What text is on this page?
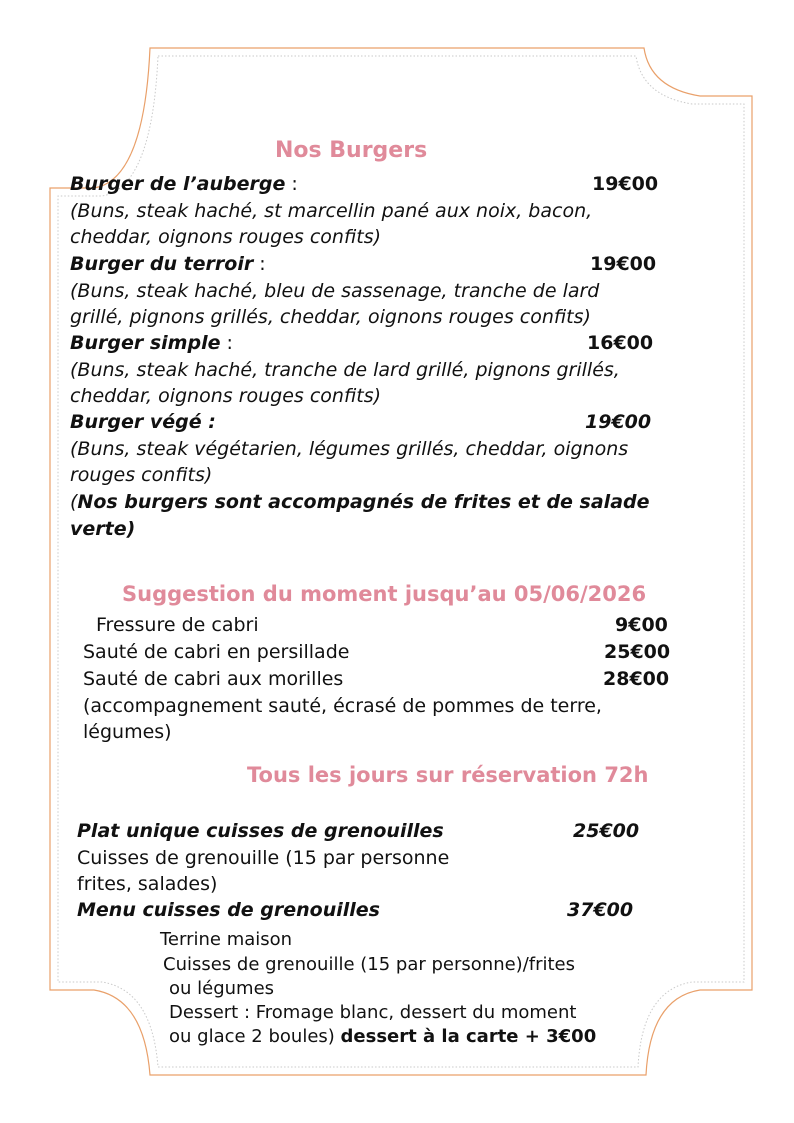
Nos Burgers
Burger de l’auberge :	19€00
(Buns, steak haché, st marcellin pané aux noix, bacon,
cheddar, oignons rouges confits)
Burger du terroir :	19€00
(Buns, steak haché, bleu de sassenage, tranche de lard
grillé, pignons grillés, cheddar, oignons rouges confits)
Burger simple :	16€00
(Buns, steak haché, tranche de lard grillé, pignons grillés,
cheddar, oignons rouges confits)
Burger végé :	19€00
(Buns, steak végétarien, légumes grillés, cheddar, oignons
rouges confits)
(Nos burgers sont accompagnés de frites et de salade
verte)
Suggestion du moment jusqu’au 05/06/2026
Fressure de cabri	9€00
Sauté de cabri en persillade	25€00
Sauté de cabri aux morilles	28€00
(accompagnement sauté, écrasé de pommes de terre,
légumes)
Tous les jours sur réservation 72h
Plat unique cuisses de grenouilles	25€00
Cuisses de grenouille (15 par personne
frites, salades)
Menu cuisses de grenouilles	37€00
Terrine maison
Cuisses de grenouille (15 par personne)/frites
ou légumes
Dessert : Fromage blanc, dessert du moment
ou glace 2 boules) dessert à la carte + 3€00
